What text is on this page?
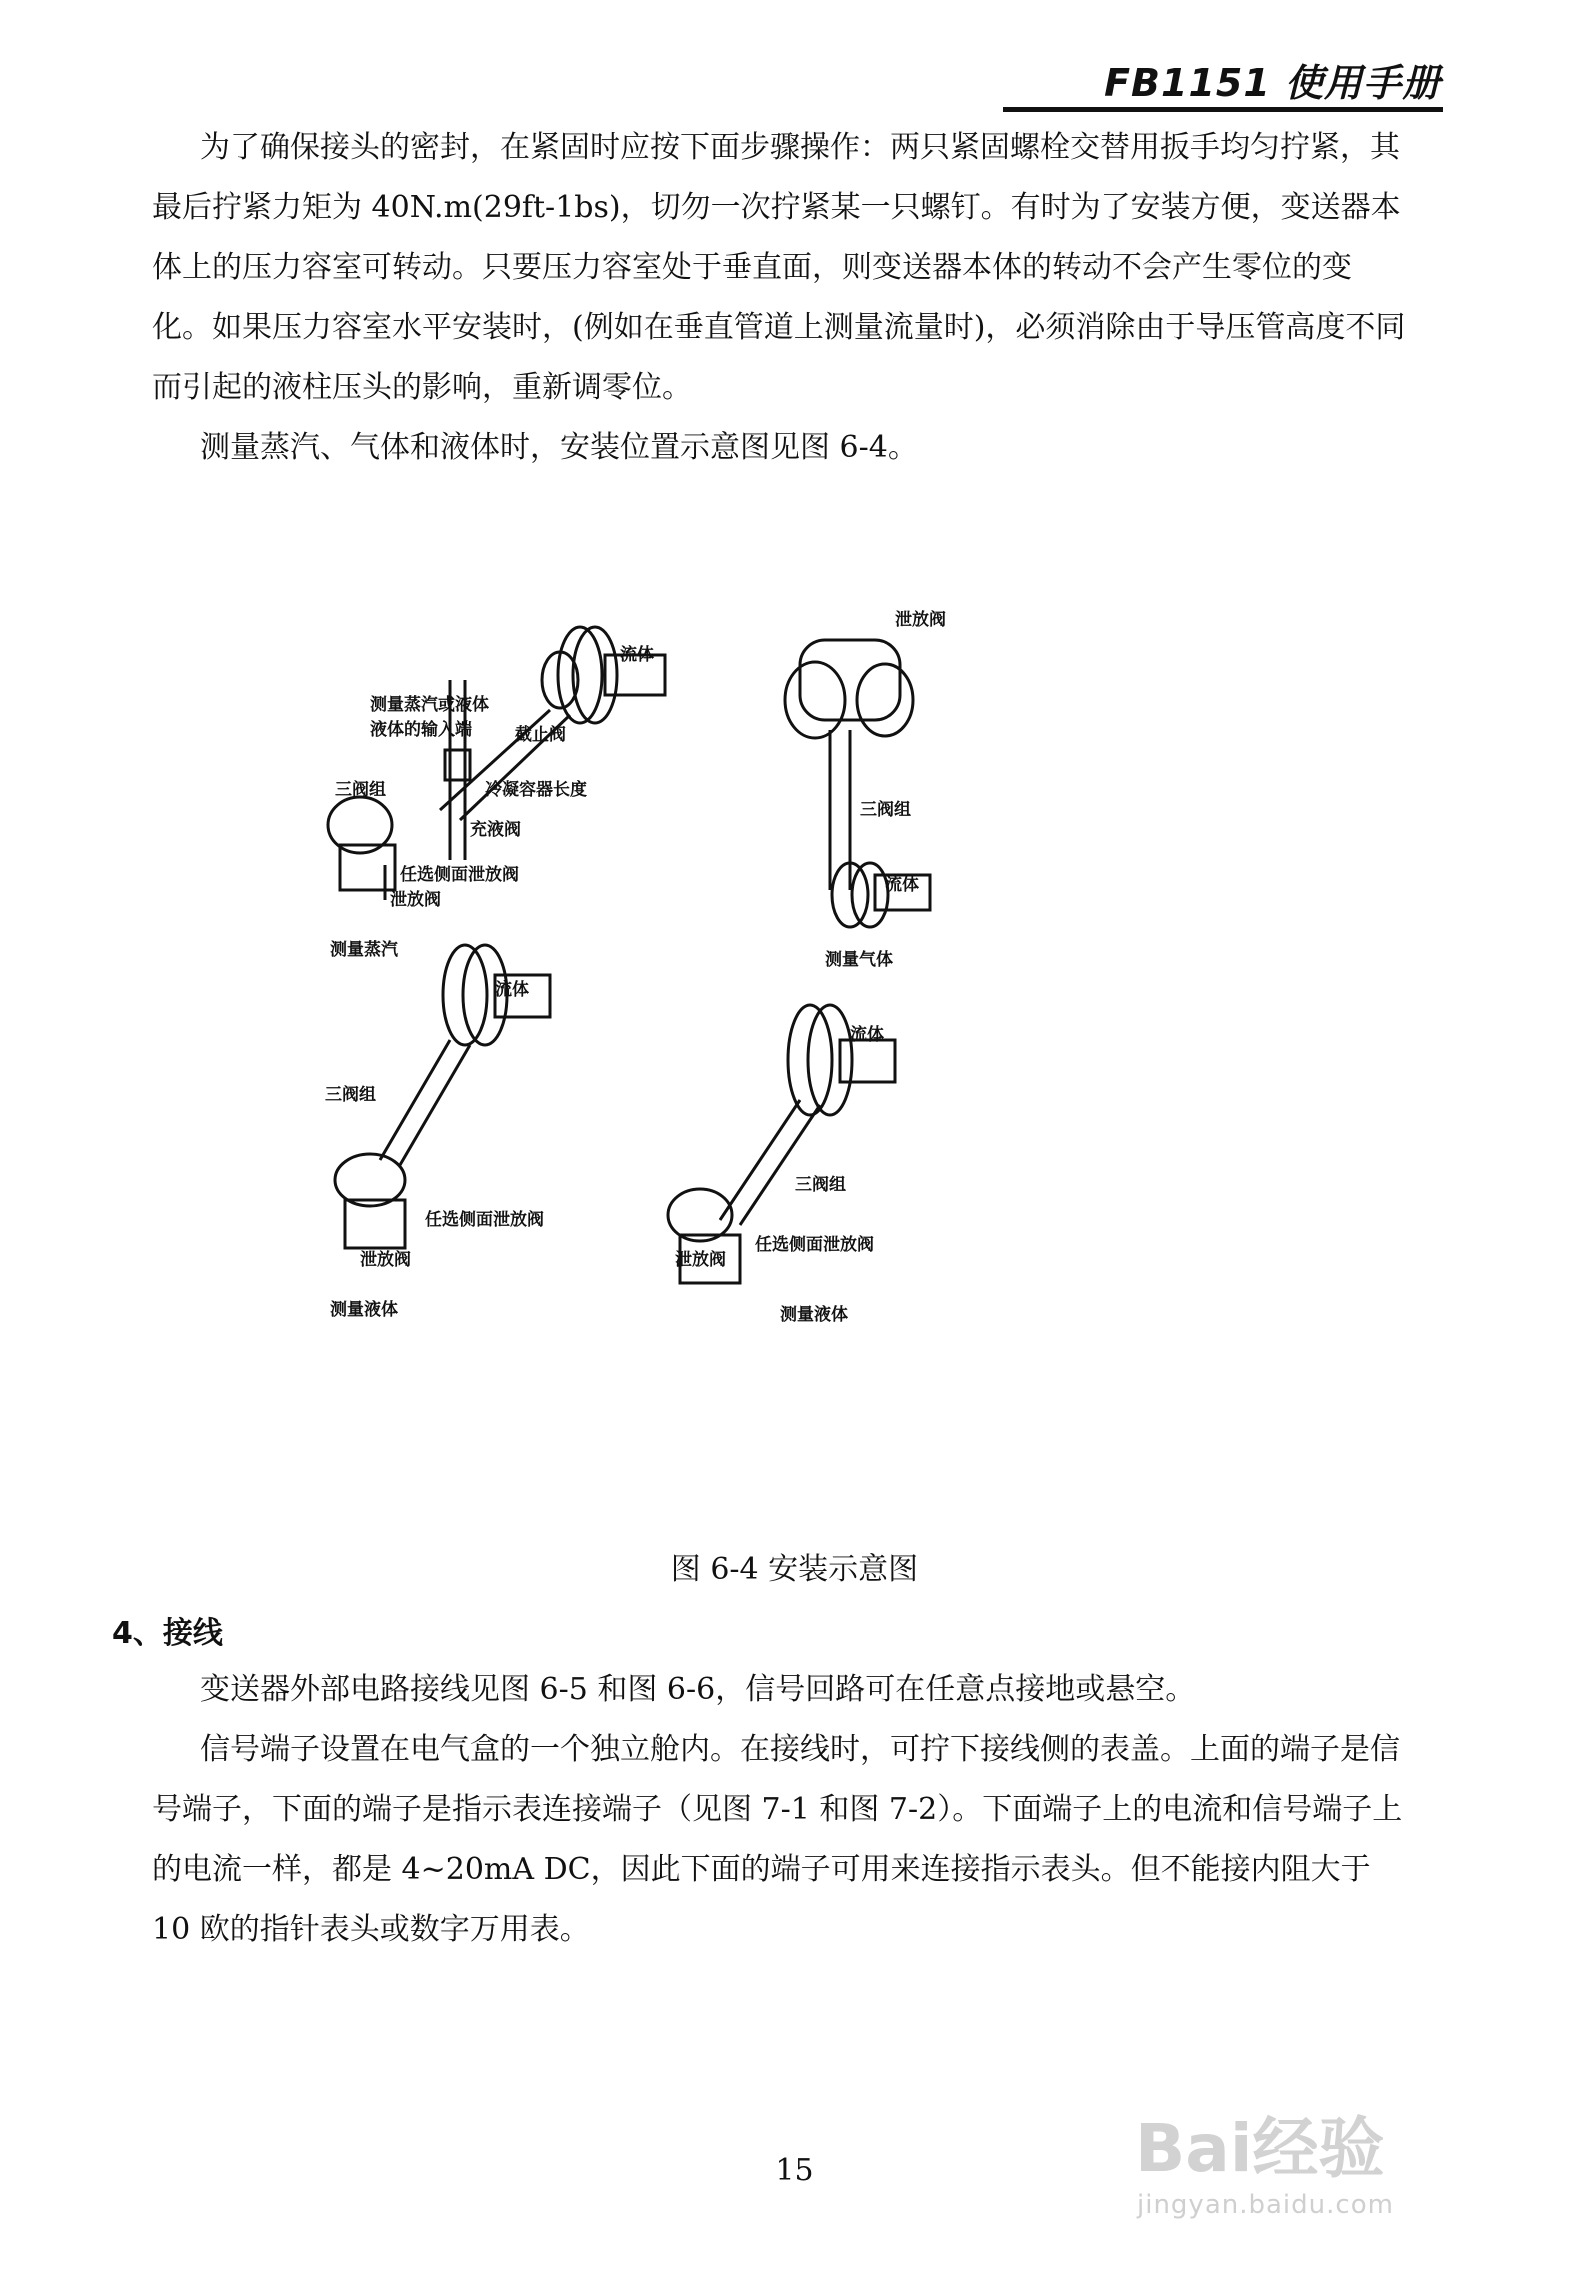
FB1151 使用手册

为了确保接头的密封，在紧固时应按下面步骤操作：两只紧固螺栓交替用扳手均匀拧紧，其最后拧紧力矩为 40N.m(29ft-1bs)，切勿一次拧紧某一只螺钉。有时为了安装方便，变送器本体上的压力容室可转动。只要压力容室处于垂直面，则变送器本体的转动不会产生零位的变化。如果压力容室水平安装时，(例如在垂直管道上测量流量时)，必须消除由于导压管高度不同而引起的液柱压头的影响，重新调零位。

测量蒸汽、气体和液体时，安装位置示意图见图 6-4。

流体
测量蒸汽或液体
液体的输入端	截止阀
冷凝容器长度
三阀组
充液阀
任选侧面泄放阀
泄放阀
测量蒸汽
泄放阀
三阀组
流体
测量气体
流体
三阀组
任选侧面泄放阀
泄放阀
测量液体
流体
三阀组
泄放阀
任选侧面泄放阀
测量液体
图 6-4 安装示意图
4、接线

变送器外部电路接线见图 6-5 和图 6-6，信号回路可在任意点接地或悬空。

信号端子设置在电气盒的一个独立舱内。在接线时，可拧下接线侧的表盖。上面的端子是信号端子，下面的端子是指示表连接端子（见图 7-1 和图 7-2）。下面端子上的电流和信号端子上的电流一样，都是 4~20mA DC，因此下面的端子可用来连接指示表头。但不能接内阻大于 10 欧的指针表头或数字万用表。

15	Bai经验
jingyan.baidu.com
